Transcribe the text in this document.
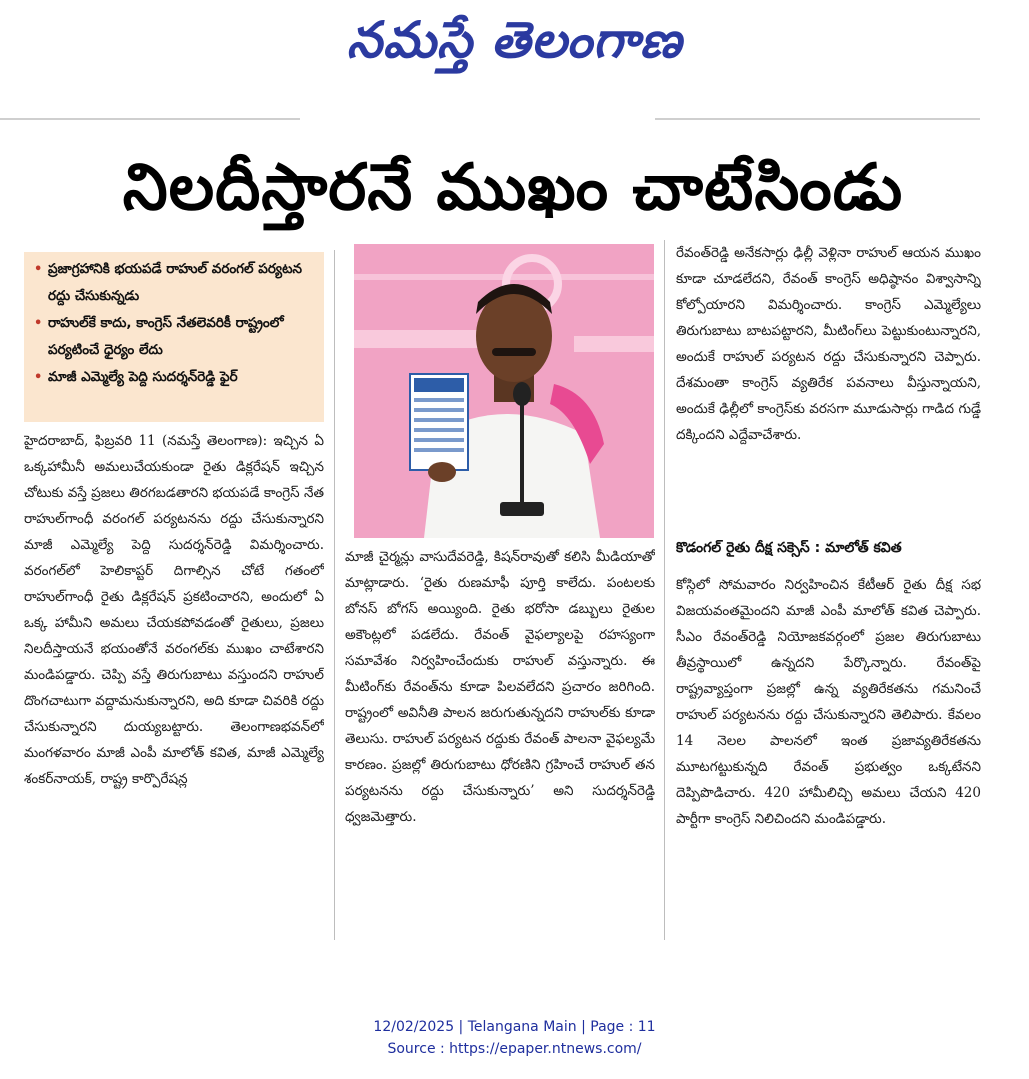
నమస్తే తెలంగాణ
నిలదీస్తారనే ముఖం చాటేసిండు
• ప్రజాగ్రహానికి భయపడే రాహుల్ వరంగల్ పర్యటన రద్దు చేసుకున్నడు
• రాహుల్‌కే కాదు, కాంగ్రెస్ నేతలెవరికీ రాష్ట్రంలో పర్యటించే ధైర్యం లేదు
• మాజీ ఎమ్మెల్యే పెద్ది సుదర్శన్‌రెడ్డి ఫైర్

హైదరాబాద్, ఫిబ్రవరి 11 (నమస్తే తెలంగాణ): ఇచ్చిన ఏ ఒక్కహామీనీ అమలుచేయకుండా రైతు డిక్లరేషన్ ఇచ్చిన చోటుకు వస్తే ప్రజలు తిరగబడతారని భయపడే కాంగ్రెస్ నేత రాహుల్‌గాంధీ వరంగల్ పర్యటనను రద్దు చేసుకున్నారని మాజీ ఎమ్మెల్యే పెద్ది సుదర్శన్‌రెడ్డి విమర్శించారు. వరంగల్‌లో హెలికాప్టర్ దిగాల్సిన చోటే గతంలో రాహుల్‌గాంధీ రైతు డిక్లరేషన్ ప్రకటించారని, అందులో ఏ ఒక్క హామీని అమలు చేయకపోవడంతో రైతులు, ప్రజలు నిలదీస్తాయనే భయంతోనే వరంగల్‌కు ముఖం చాటేశారని మండిపడ్డారు. చెప్పి వస్తే తిరుగుబాటు వస్తుందని రాహుల్ దొంగచాటుగా వద్దామనుకున్నారని, అది కూడా చివరికి రద్దు చేసుకున్నారని దుయ్యబట్టారు. తెలంగాణభవన్‌లో మంగళవారం మాజీ ఎంపీ మాలోత్ కవిత, మాజీ ఎమ్మెల్యే శంకర్‌నాయక్, రాష్ట్ర కార్పొరేషన్ల

మాజీ చైర్మన్లు వాసుదేవరెడ్డి, కిషన్‌రావుతో కలిసి మీడియాతో మాట్లాడారు. ‘రైతు రుణమాఫీ పూర్తి కాలేదు. పంటలకు బోనస్ బోగస్ అయ్యింది. రైతు భరోసా డబ్బులు రైతుల అకౌంట్లలో పడలేదు. రేవంత్ వైఫల్యాలపై రహస్యంగా సమావేశం నిర్వహించేందుకు రాహుల్ వస్తున్నారు. ఈ మీటింగ్‌కు రేవంత్‌ను కూడా పిలవలేదని ప్రచారం జరిగింది. రాష్ట్రంలో అవినీతి పాలన జరుగుతున్నదని రాహుల్‌కు కూడా తెలుసు. రాహుల్ పర్యటన రద్దుకు రేవంత్ పాలనా వైఫల్యమే కారణం. ప్రజల్లో తిరుగుబాటు ధోరణిని గ్రహించే రాహుల్ తన పర్యటనను రద్దు చేసుకున్నారు’ అని సుదర్శన్‌రెడ్డి ధ్వజమెత్తారు.

రేవంత్‌రెడ్డి అనేకసార్లు ఢిల్లీ వెళ్లినా రాహుల్ ఆయన ముఖం కూడా చూడలేదని, రేవంత్ కాంగ్రెస్ అధిష్ఠానం విశ్వాసాన్ని కోల్పోయారని విమర్శించారు. కాంగ్రెస్ ఎమ్మెల్యేలు తిరుగుబాటు బాటపట్టారని, మీటింగ్‌లు పెట్టుకుంటున్నారని, అందుకే రాహుల్ పర్యటన రద్దు చేసుకున్నారని చెప్పారు. దేశమంతా కాంగ్రెస్ వ్యతిరేక పవనాలు వీస్తున్నాయని, అందుకే ఢిల్లీలో కాంగ్రెస్‌కు వరసగా మూడుసార్లు గాడిద గుడ్డే దక్కిందని ఎద్దేవాచేశారు.

కొడంగల్ రైతు దీక్ష సక్సెస్ : మాలోత్ కవిత

కోస్గిలో సోమవారం నిర్వహించిన కేటీఆర్ రైతు దీక్ష సభ విజయవంతమైందని మాజీ ఎంపీ మాలోత్ కవిత చెప్పారు. సీఎం రేవంత్‌రెడ్డి నియోజకవర్గంలో ప్రజల తిరుగుబాటు తీవ్రస్థాయిలో ఉన్నదని పేర్కొన్నారు. రేవంత్‌పై రాష్ట్రవ్యాప్తంగా ప్రజల్లో ఉన్న వ్యతిరేకతను గమనించే రాహుల్ పర్యటనను రద్దు చేసుకున్నారని తెలిపారు. కేవలం 14 నెలల పాలనలో ఇంత ప్రజావ్యతిరేకతను మూటగట్టుకున్నది రేవంత్ ప్రభుత్వం ఒక్కటేనని దెప్పిపొడిచారు. 420 హామీలిచ్చి అమలు చేయని 420 పార్టీగా కాంగ్రెస్ నిలిచిందని మండిపడ్డారు.

12/02/2025 | Telangana Main | Page : 11
Source : https://epaper.ntnews.com/
